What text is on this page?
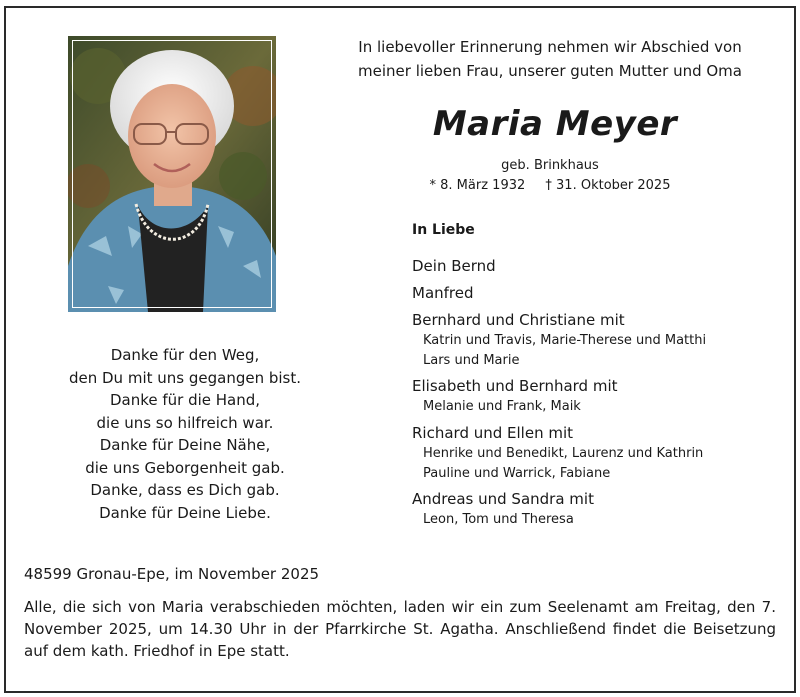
In liebevoller Erinnerung nehmen wir Abschied von
meiner lieben Frau, unserer guten Mutter und Oma
Maria Meyer
geb. Brinkhaus
* 8. März 1932 † 31. Oktober 2025
In Liebe
Dein Bernd
Manfred
Bernhard und Christiane mit
Katrin und Travis, Marie-Therese und Matthi
Lars und Marie
Elisabeth und Bernhard mit
Melanie und Frank, Maik
Richard und Ellen mit
Henrike und Benedikt, Laurenz und Kathrin
Pauline und Warrick, Fabiane
Andreas und Sandra mit
Leon, Tom und Theresa
Danke für den Weg,
den Du mit uns gegangen bist.
Danke für die Hand,
die uns so hilfreich war.
Danke für Deine Nähe,
die uns Geborgenheit gab.
Danke, dass es Dich gab.
Danke für Deine Liebe.
48599 Gronau-Epe, im November 2025
Alle, die sich von Maria verabschieden möchten, laden wir ein zum Seelenamt am Freitag, den 7. November 2025, um 14.30 Uhr in der Pfarrkirche St. Agatha. Anschließend findet die Beisetzung auf dem kath. Friedhof in Epe statt.
